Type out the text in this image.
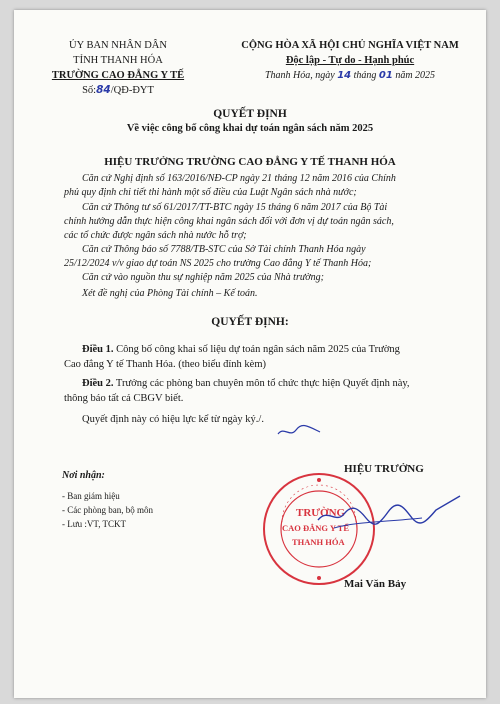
ỦY BAN NHÂN DÂN
TỈNH THANH HÓA
TRƯỜNG CAO ĐẲNG Y TẾ
Số:84/QĐ-ĐYT
CỘNG HÒA XÃ HỘI CHỦ NGHĨA VIỆT NAM
Độc lập - Tự do - Hạnh phúc
Thanh Hóa, ngày 14 tháng 01 năm 2025
QUYẾT ĐỊNH
Về việc công bố công khai dự toán ngân sách năm 2025
HIỆU TRƯỞNG TRƯỜNG CAO ĐẲNG Y TẾ THANH HÓA
Căn cứ Nghị định số 163/2016/NĐ-CP ngày 21 tháng 12 năm 2016 của Chính
phủ quy định chi tiết thi hành một số điều của Luật Ngân sách nhà nước;
Căn cứ Thông tư số 61/2017/TT-BTC ngày 15 tháng 6 năm 2017 của Bộ Tài
chính hướng dẫn thực hiện công khai ngân sách đối với đơn vị dự toán ngân sách,
các tổ chức được ngân sách nhà nước hỗ trợ;
Căn cứ Thông báo số 7788/TB-STC của Sở Tài chính Thanh Hóa ngày
25/12/2024 v/v giao dự toán NS 2025 cho trường Cao đẳng Y tế Thanh Hóa;
Căn cứ vào nguồn thu sự nghiệp năm 2025 của Nhà trường;
Xét đề nghị của Phòng Tài chính – Kế toán.
QUYẾT ĐỊNH:
Điều 1. Công bố công khai số liệu dự toán ngân sách năm 2025 của Trường
Cao đẳng Y tế Thanh Hóa. (theo biểu đính kèm)
Điều 2. Trưởng các phòng ban chuyên môn tổ chức thực hiện Quyết định này,
thông báo tất cả CBGV biết.
Quyết định này có hiệu lực kể từ ngày ký./.
Nơi nhận:
- Ban giám hiệu
- Các phòng ban, bộ môn
- Lưu :VT, TCKT
HIỆU TRƯỞNG
TRƯỜNG
CAO ĐẲNG Y TẾ
THANH HÓA
Mai Văn Bảy
